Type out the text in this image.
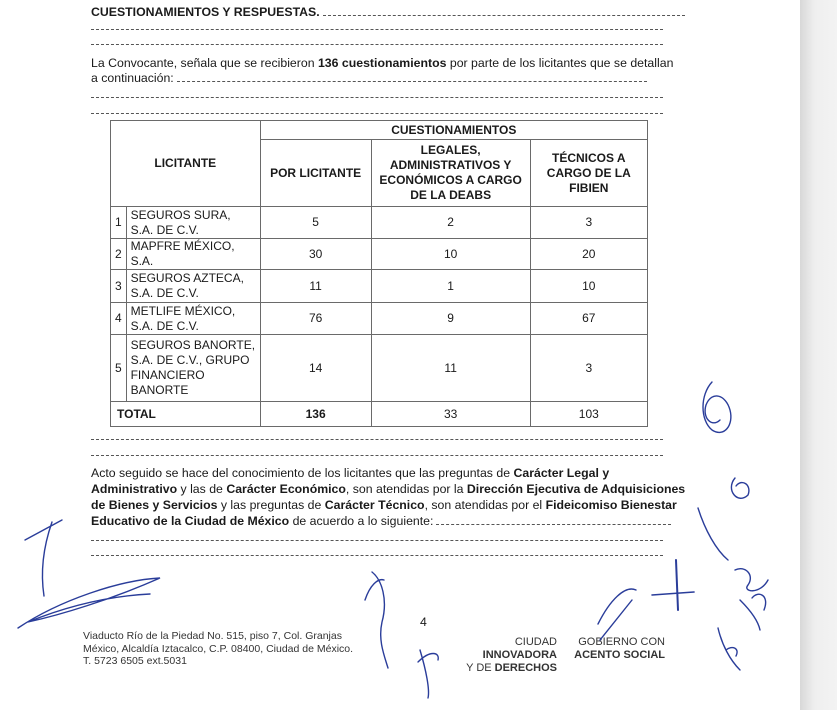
CUESTIONAMIENTOS Y RESPUESTAS.
La Convocante, señala que se recibieron 136 cuestionamientos por parte de los licitantes que se detallan
a continuación:
LICITANTE		CUESTIONAMIENTOS		
		POR LICITANTE	LEGALES, ADMINISTRATIVOS Y ECONÓMICOS A CARGO DE LA DEABS	TÉCNICOS A CARGO DE LA FIBIEN
1	SEGUROS SURA, S.A. DE C.V.	5	2	3
2	MAPFRE MÉXICO, S.A.	30	10	20
3	SEGUROS AZTECA, S.A. DE C.V.	11	1	10
4	METLIFE MÉXICO, S.A. DE C.V.	76	9	67
5	SEGUROS BANORTE, S.A. DE C.V., GRUPO FINANCIERO BANORTE	14	11	3
TOTAL		136	33	103
Acto seguido se hace del conocimiento de los licitantes que las preguntas de Carácter Legal y
Administrativo y las de Carácter Económico, son atendidas por la Dirección Ejecutiva de Adquisiciones
de Bienes y Servicios y las preguntas de Carácter Técnico, son atendidas por el Fideicomiso Bienestar
Educativo de la Ciudad de México de acuerdo a lo siguiente:
4
Viaducto Río de la Piedad No. 515, piso 7, Col. Granjas
México, Alcaldía Iztacalco, C.P. 08400, Ciudad de México.
T. 5723 6505 ext.5031
CIUDAD INNOVADORA
Y DE DERECHOS
GOBIERNO CON
ACENTO SOCIAL
